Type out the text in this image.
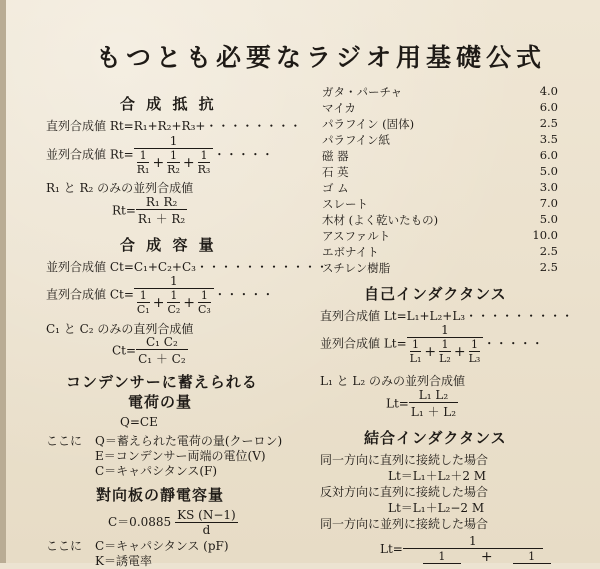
もつとも必要なラジオ用基礎公式
合 成 抵 抗
直列合成値 Rt=R₁+R₂+R₃+・・・・・・・・
並列合成値 $Rt= \frac{1}{\frac{1}{\text{R₁}} + \frac{1}{\text{R₂}} + \frac{1}{\text{R₃}}}$ ・・・・・
R₁ と R₂ のみの並列合成値
$Rt= \frac{\text{R₁ R₂}}{\text{R₁ ＋ R₂}}$
合 成 容 量
並列合成値 Ct=C₁+C₂+C₃・・・・・・・・・・・
直列合成値 $Ct= \frac{1}{\frac{1}{\text{C₁}} + \frac{1}{\text{C₂}} + \frac{1}{\text{C₃}}}$ ・・・・・
C₁ と C₂ のみの直列合成値
$Ct= \frac{\text{C₁ C₂}}{\text{C₁ ＋ C₂}}$
コンデンサーに蓄えられる
電荷の量
Q=CE
ここに Q＝蓄えられた電荷の量(クーロン)
E＝コンデンサー両端の電位(V)
C＝キャパシタンス(F)
對向板の靜電容量
$C=0.0885 \frac{KS (N-1)}{d}$
ここに C＝キャパシタンス (pF)
K＝誘電率
ガタ・パーチャ	4.0
マイカ	6.0
パラフイン (固体)	2.5
パラフイン紙	3.5
磁 器	6.0
石 英	5.0
ゴ ム	3.0
スレート	7.0
木材 (よく乾いたもの)	5.0
アスファルト	10.0
エボナイト	2.5
スチレン樹脂	2.5
自己インダクタンス
直列合成値 Lt=L₁+L₂+L₃・・・・・・・・・
並列合成値 $Lt= \frac{1}{\frac{1}{\text{L₁}} + \frac{1}{\text{L₂}} + \frac{1}{\text{L₃}}}$ ・・・・・
L₁ と L₂ のみの並列合成値
$Lt= \frac{\text{L₁ L₂}}{\text{L₁ ＋ L₂}}$
結合インダクタンス
同一方向に直列に接続した場合
Lt＝L₁＋L₂＋2 M
反対方向に直列に接続した場合
Lt＝L₁＋L₂−2 M
同一方向に並列に接続した場合
Lt= 1
1	+	1
